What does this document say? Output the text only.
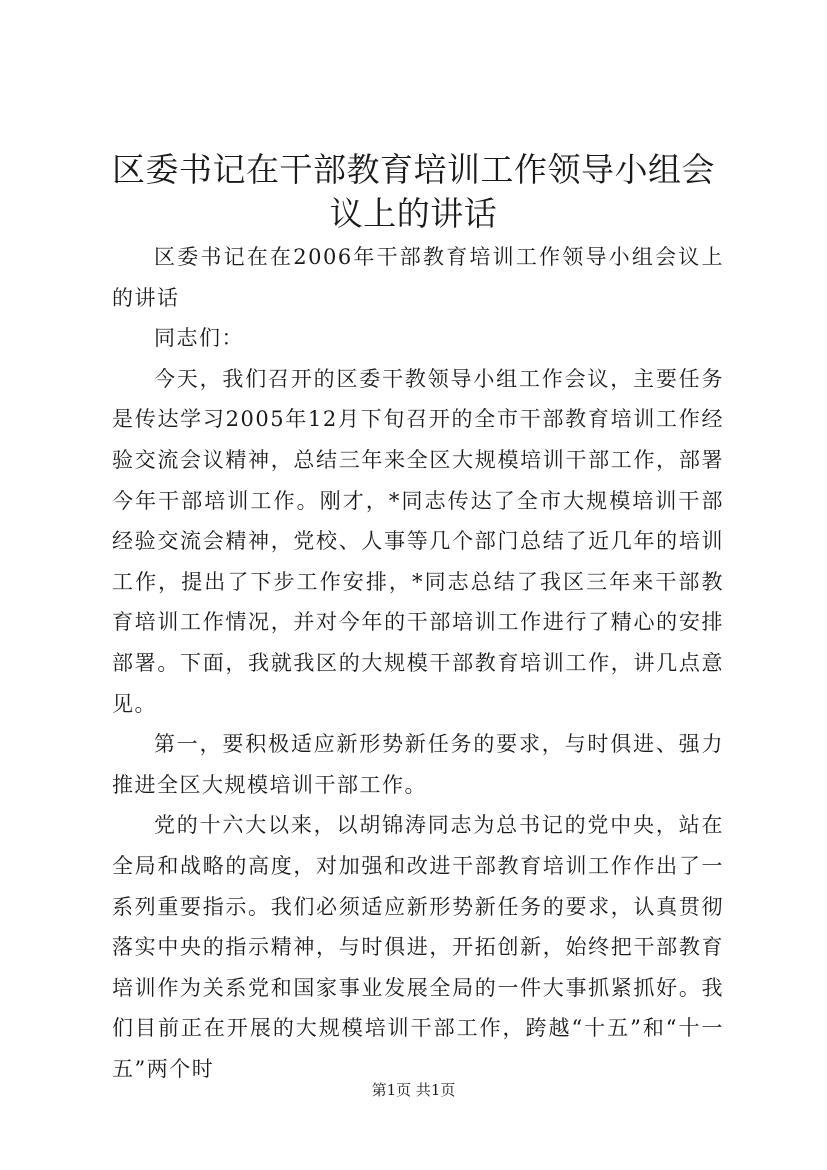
区委书记在干部教育培训工作领导小组会议上的讲话

区委书记在在2006年干部教育培训工作领导小组会议上的讲话

同志们：

今天，我们召开的区委干教领导小组工作会议，主要任务是传达学习2005年12月下旬召开的全市干部教育培训工作经验交流会议精神，总结三年来全区大规模培训干部工作，部署今年干部培训工作。刚才，*同志传达了全市大规模培训干部经验交流会精神，党校、人事等几个部门总结了近几年的培训工作，提出了下步工作安排，*同志总结了我区三年来干部教育培训工作情况，并对今年的干部培训工作进行了精心的安排部署。下面，我就我区的大规模干部教育培训工作，讲几点意见。

第一，要积极适应新形势新任务的要求，与时俱进、强力推进全区大规模培训干部工作。

党的十六大以来，以胡锦涛同志为总书记的党中央，站在全局和战略的高度，对加强和改进干部教育培训工作作出了一系列重要指示。我们必须适应新形势新任务的要求，认真贯彻落实中央的指示精神，与时俱进，开拓创新，始终把干部教育培训作为关系党和国家事业发展全局的一件大事抓紧抓好。我们目前正在开展的大规模培训干部工作，跨越“十五”和“十一五”两个时

第1页 共1页
